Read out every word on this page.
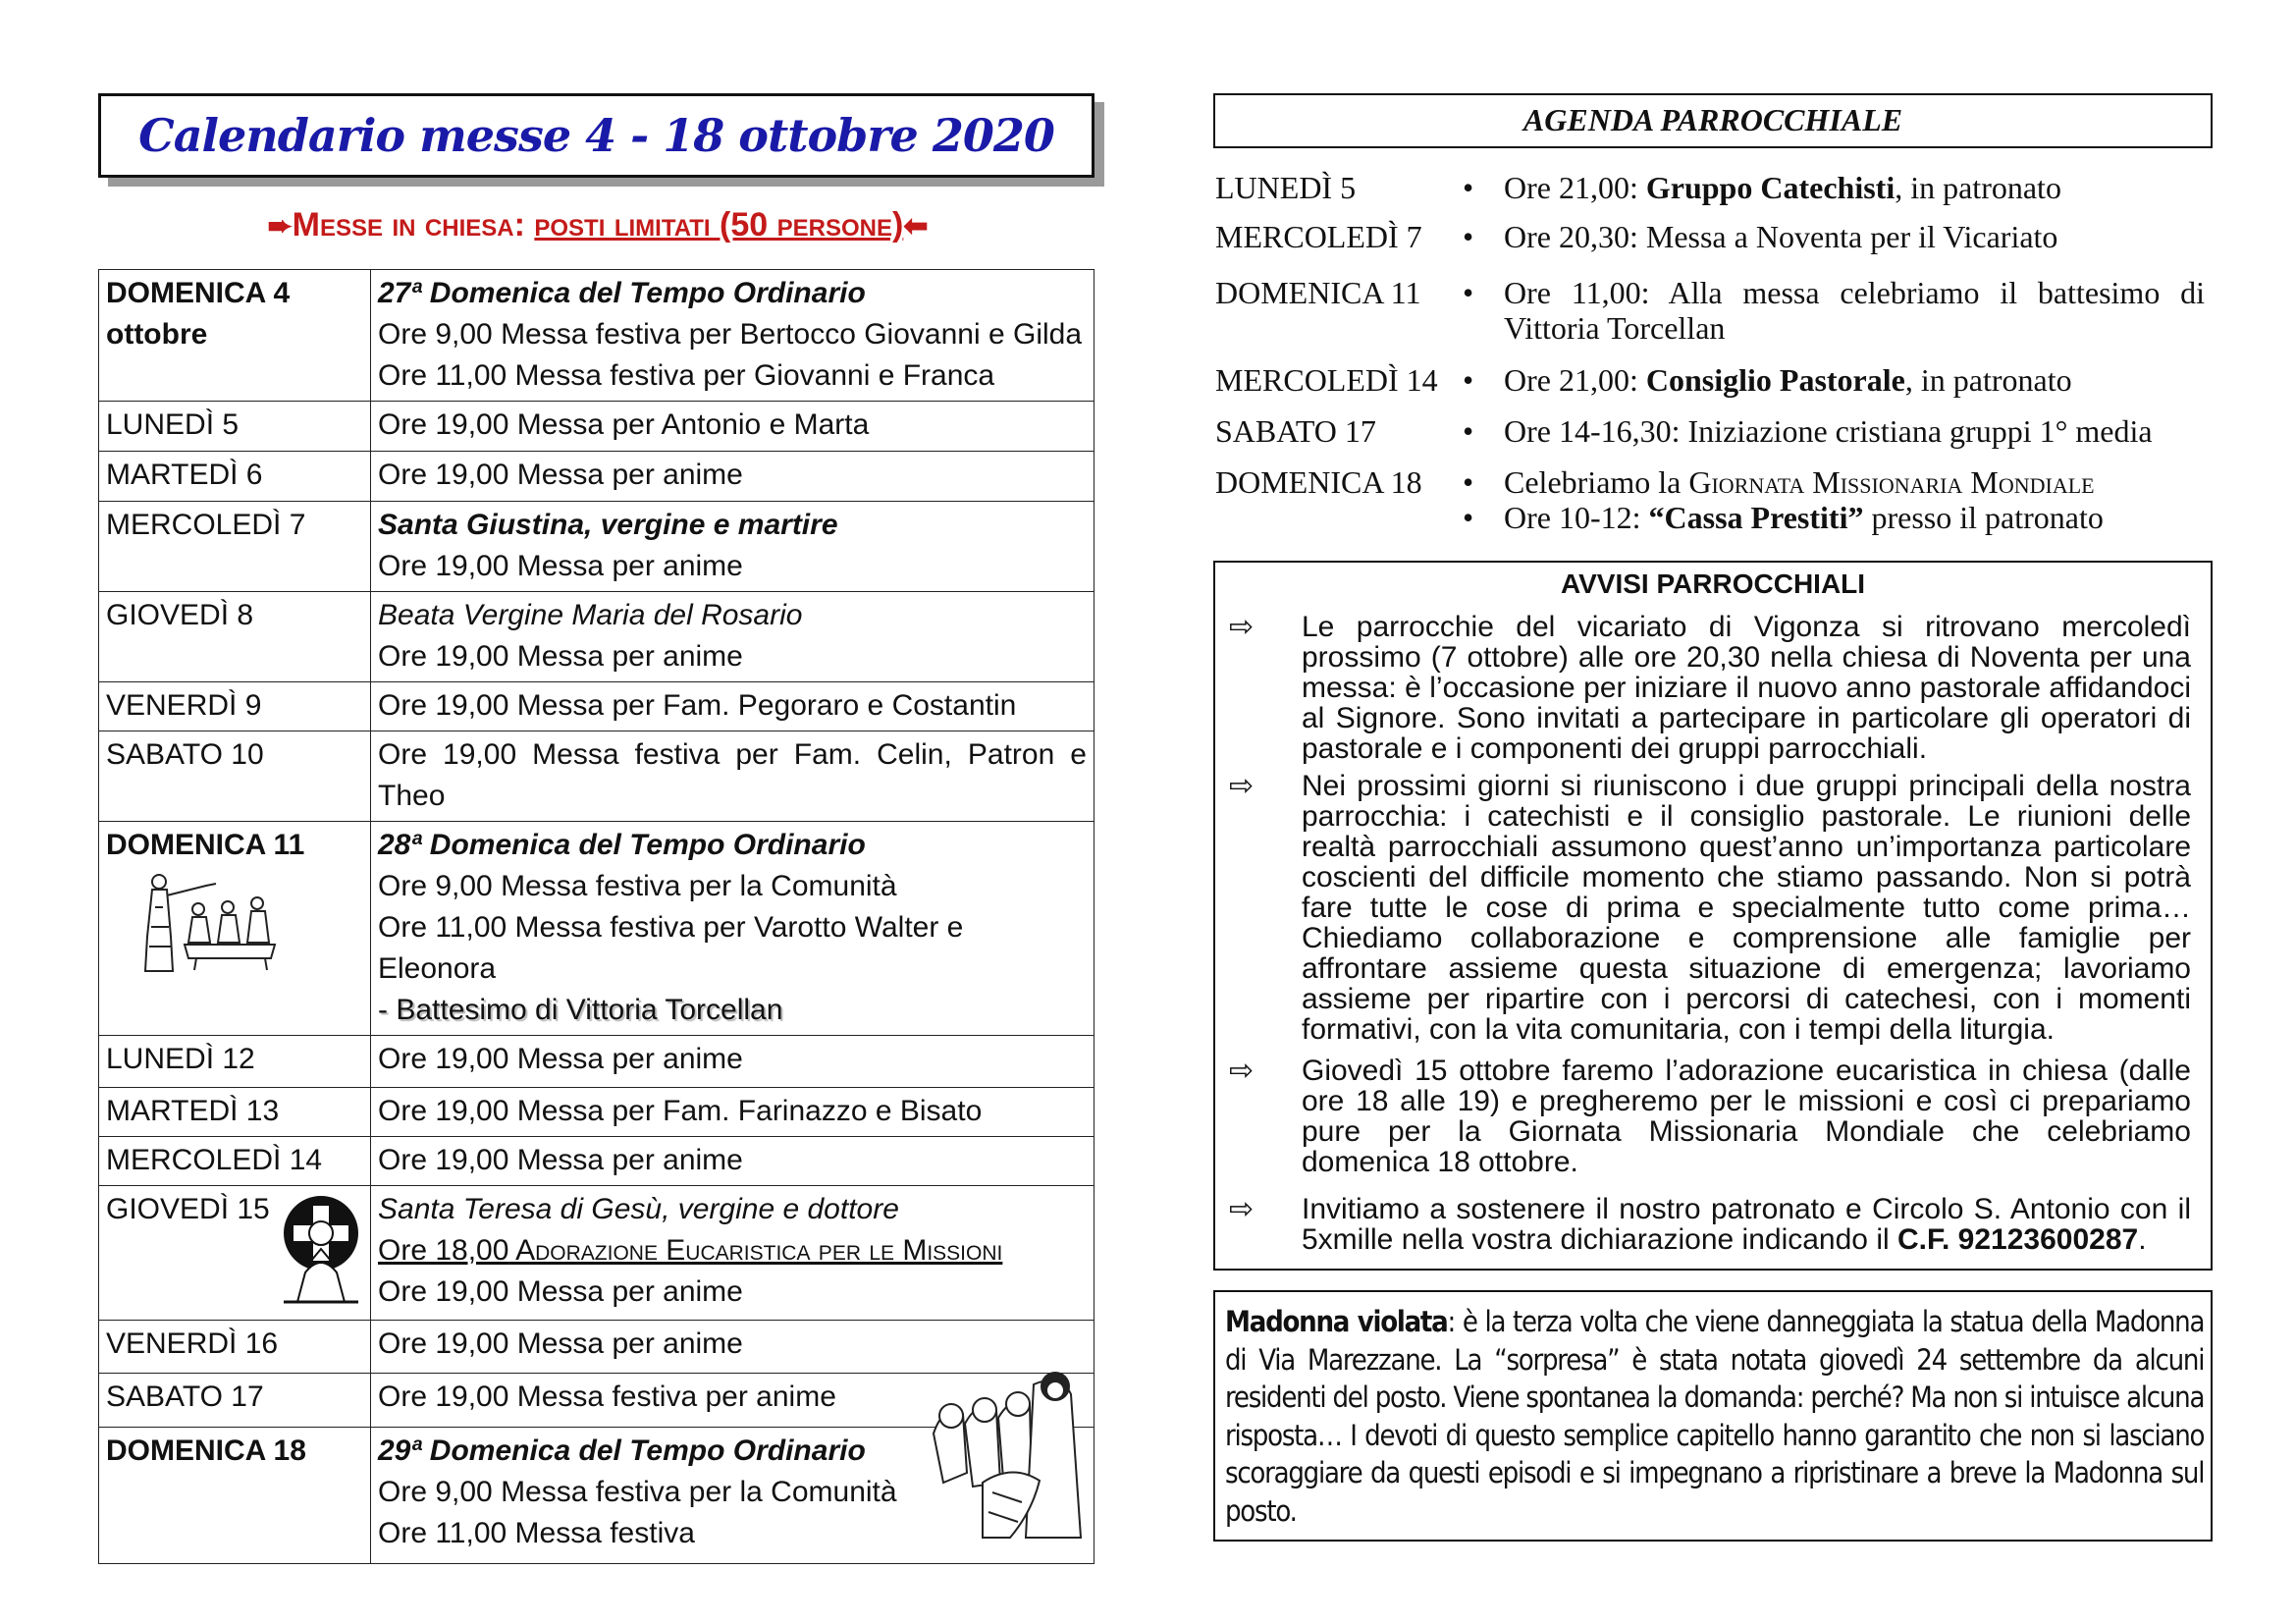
Calendario messe 4 - 18 ottobre 2020
➨Messe in chiesa: posti limitati (50 persone)⬅
DOMENICA 4 ottobre	27ª Domenica del Tempo Ordinario
Ore 9,00 Messa festiva per Bertocco Giovanni e Gilda
Ore 11,00 Messa festiva per Giovanni e Franca

LUNEDÌ 5	Ore 19,00 Messa per Antonio e Marta

MARTEDÌ 6	Ore 19,00 Messa per anime

MERCOLEDÌ 7	Santa Giustina, vergine e martire
Ore 19,00 Messa per anime

GIOVEDÌ 8	Beata Vergine Maria del Rosario
Ore 19,00 Messa per anime

VENERDÌ 9	Ore 19,00 Messa per Fam. Pegoraro e Costantin

SABATO 10	Ore 19,00 Messa festiva per Fam. Celin, Patron e Theo

DOMENICA 11	28ª Domenica del Tempo Ordinario
Ore 9,00 Messa festiva per la Comunità
Ore 11,00 Messa festiva per Varotto Walter e Eleonora
- Battesimo di Vittoria Torcellan

LUNEDÌ 12	Ore 19,00 Messa per anime

MARTEDÌ 13	Ore 19,00 Messa per Fam. Farinazzo e Bisato

MERCOLEDÌ 14	Ore 19,00 Messa per anime

GIOVEDÌ 15	Santa Teresa di Gesù, vergine e dottore
Ore 18,00 Adorazione Eucaristica per le Missioni
Ore 19,00 Messa per anime

VENERDÌ 16	Ore 19,00 Messa per anime

SABATO 17	Ore 19,00 Messa festiva per anime

DOMENICA 18	29ª Domenica del Tempo Ordinario
Ore 9,00 Messa festiva per la Comunità
Ore 11,00 Messa festiva
AGENDA PARROCCHIALE
LUNEDÌ 5	• Ore 21,00: Gruppo Catechisti, in patronato
MERCOLEDÌ 7	• Ore 20,30: Messa a Noventa per il Vicariato
DOMENICA 11	• Ore 11,00: Alla messa celebriamo il battesimo di Vittoria Torcellan
MERCOLEDÌ 14 • Ore 21,00: Consiglio Pastorale, in patronato
SABATO 17	• Ore 14-16,30: Iniziazione cristiana gruppi 1° media
DOMENICA 18	• Celebriamo la Giornata Missionaria Mondiale
• Ore 10-12: “Cassa Prestiti” presso il patronato
AVVISI PARROCCHIALI
⇨ Le parrocchie del vicariato di Vigonza si ritrovano mercoledì prossimo (7 ottobre) alle ore 20,30 nella chiesa di Noventa per una messa: è l’occasione per iniziare il nuovo anno pastorale affidandoci al Signore. Sono invitati a partecipare in particolare gli operatori di pastorale e i componenti dei gruppi parrocchiali.
⇨ Nei prossimi giorni si riuniscono i due gruppi principali della nostra parrocchia: i catechisti e il consiglio pastorale. Le riunioni delle realtà parrocchiali assumono quest’anno un’importanza particolare coscienti del difficile momento che stiamo passando. Non si potrà fare tutte le cose di prima e specialmente tutto come prima… Chiediamo collaborazione e comprensione alle famiglie per affrontare assieme questa situazione di emergenza; lavoriamo assieme per ripartire con i percorsi di catechesi, con i momenti formativi, con la vita comunitaria, con i tempi della liturgia.
⇨ Giovedì 15 ottobre faremo l’adorazione eucaristica in chiesa (dalle ore 18 alle 19) e pregheremo per le missioni e così ci prepariamo pure per la Giornata Missionaria Mondiale che celebriamo domenica 18 ottobre.
⇨ Invitiamo a sostenere il nostro patronato e Circolo S. Antonio con il 5xmille nella vostra dichiarazione indicando il C.F. 92123600287.
Madonna violata: è la terza volta che viene danneggiata la statua della Madonna di Via Marezzane. La “sorpresa” è stata notata giovedì 24 settembre da alcuni residenti del posto. Viene spontanea la domanda: perché? Ma non si intuisce alcuna risposta… I devoti di questo semplice capitello hanno garantito che non si lasciano scoraggiare da questi episodi e si impegnano a ripristinare a breve la Madonna sul posto.
